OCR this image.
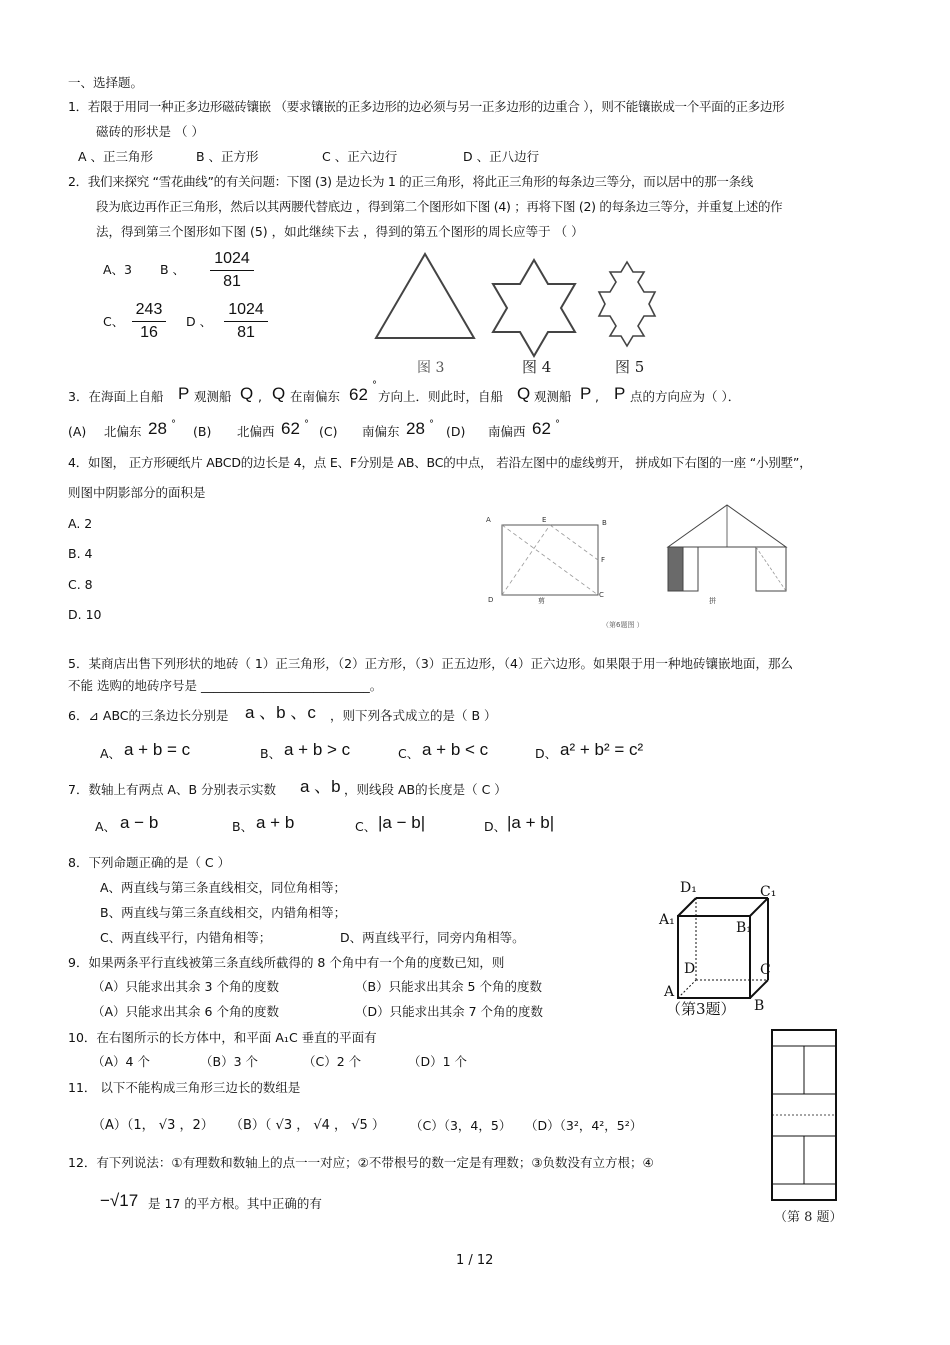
一、选择题。
1．若限于用同一种正多边形磁砖镶嵌 （要求镶嵌的正多边形的边必须与另一正多边形的边重合 ），则不能镶嵌成一个平面的正多边形
磁砖的形状是 （ ）
A 、正三角形	B 、正方形	C 、正六边行	D 、正八边行
2．我们来探究 “雪花曲线”的有关问题：下图 (3) 是边长为 1 的正三角形，将此正三角形的每条边三等分，而以居中的那一条线
段为底边再作正三角形，然后以其两腰代替底边 ，得到第二个图形如下图 (4) ；再将下图 (2) 的每条边三等分，并重复上述的作
法，得到第三个图形如下图 (5) ，如此继续下去 ，得到的第五个图形的周长应等于 （ ）
A、3 B 、 $\frac{1024}{81}$
C、 $\frac{243}{16}$ D 、 $\frac{1024}{81}$
图 3	图 4	图 5
3．在海面上自船 P 观测船 Q , Q 在南偏东 62 °
方向上．则此时，自船 Q 观测船 P , P 点的方向应为（ ）．
(A) 北偏东 28 ° (B) 北偏西 62 ° (C) 南偏东 28 ° (D) 南偏西 62 °
4．如图， 正方形硬纸片 ABCD的边长是 4，点 E、F分别是 AB、BC的中点， 若沿左图中的虚线剪开， 拼成如下右图的一座 “小别墅”，
则图中阴影部分的面积是
A. 2
B. 4
C. 8
D. 10
A	E	B
F
D
C
剪	拼
（第6题图 ）
5．某商店出售下列形状的地砖（ 1）正三角形，（2）正方形，（3）正五边形，（4）正六边形。如果限于用一种地砖镶嵌地面，那么
不能 选购的地砖序号是 ___________________________。
6．⊿ ABC的三条边长分别是 a 、b 、c ，则下列各式成立的是（ B ）
A、 a + b = c	B、 a + b > c	C、 a + b < c	D、 a² + b² = c²
7．数轴上有两点 A、B 分别表示实数 a 、b ，则线段 AB的长度是（ C ）
A、 a − b	B、 a + b	C、 |a − b|	D、 |a + b|
8．下列命题正确的是（ C ）
A、两直线与第三条直线相交，同位角相等；
B、两直线与第三条直线相交，内错角相等；
C、两直线平行，内错角相等；	D、两直线平行，同旁内角相等。
9．如果两条平行直线被第三条直线所截得的 8 个角中有一个角的度数已知，则
（A）只能求出其余 3 个角的度数	（B）只能求出其余 5 个角的度数
（A）只能求出其余 6 个角的度数	（D）只能求出其余 7 个角的度数
D₁	C₁
A₁	B₁
D	C
A
B
（第3题）
10．在右图所示的长方体中，和平面 A₁C 垂直的平面有
（A）4 个	（B）3 个	（C）2 个	（D）1 个
（第 8 题）
11． 以下不能构成三角形三边长的数组是
（A）（1， √3 ，2） （B）（ √3 ， √4 ， √5 ） （C）（3，4，5） （D）（3²，4²，5²）
12．有下列说法：①有理数和数轴上的点一一对应；②不带根号的数一定是有理数；③负数没有立方根；④
−√17 是 17 的平方根。其中正确的有
1 / 12
